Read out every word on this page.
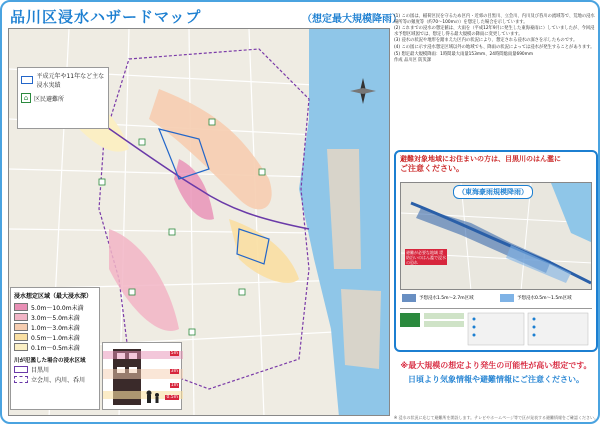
品川区浸水ハザードマップ	（想定最大規模降雨）
平成元年や11年など主な浸水実績
⌂ 区民避難所
浸水想定区域（最大浸水深）
5.0m〜10.0m未満
3.0m〜5.0m未満
1.0m〜3.0m未満
0.5m〜1.0m未満
0.1m〜0.5m未満
川が氾濫した場合の浸水区域
目黒川
立会川、内川、呑川
5m
3m
1m
0.5m

(1) この図は、稲荷区民を守るため区内・近郊の目黒川、立会川、内川及び呑川の流域等で、荒地の浸水場所等の頻度等（約70〜100mの）を想定した場合を示しています。

(2) これまでの浸水の想定値は、大雨を（平成12年9月に発生した東海豪雨に）していましたが、今回浸水予想区域図では、想定し得る最大規模の降雨に変更しています。

(3) 浸水の状況や地形を踏まえた区内の状況により、想定される浸水の深さを示したものです。

(4) この図に示す浸水想定区域以外の地域でも、降雨の状況によっては浸水が発生することがあります。

(5) 想定最大規模降雨：1時間最大雨量153mm、24時間総雨量690mm

作成 品川区 防災課

避難対象地域にお住まいの方は、目黒川のはん濫に
ご注意ください。
（東海豪雨規模降雨）
避難が必要な地域 堤防沿いのはん濫で浸水の恐れ
予想浸水1.5m〜2.7m区域	予想浸水0.5m〜1.5m区域
※最大規模の想定より発生の可能性が高い想定です。
日頃より気象情報や避難情報にご注意ください。
※ 浸水の状況に応じて避難所を開設します。テレビやホームページ等で区が発表する避難情報をご確認ください。
